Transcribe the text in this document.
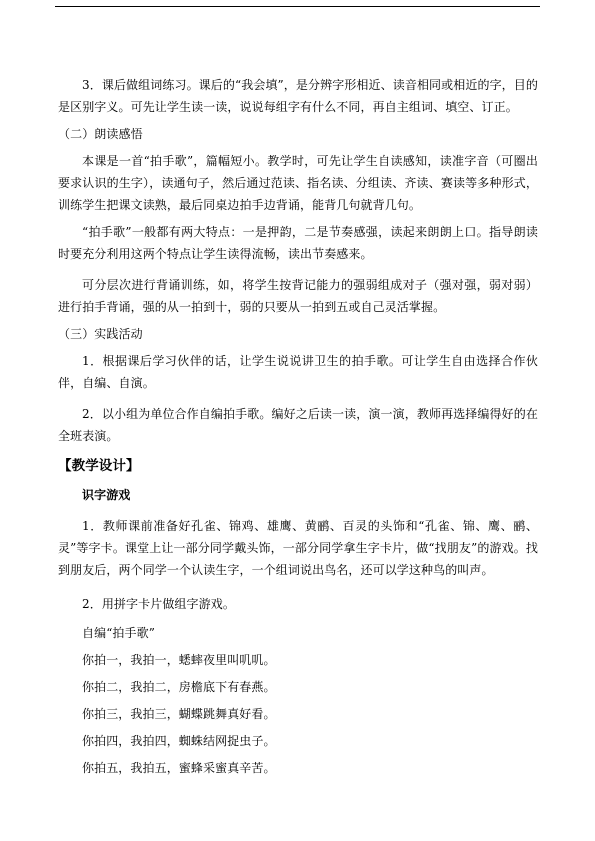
3．课后做组词练习。课后的“我会填”，是分辨字形相近、读音相同或相近的字，目的是区别字义。可先让学生读一读，说说每组字有什么不同，再自主组词、填空、订正。

（二）朗读感悟

本课是一首“拍手歌”，篇幅短小。教学时，可先让学生自读感知，读准字音（可圈出要求认识的生字），读通句子，然后通过范读、指名读、分组读、齐读、赛读等多种形式，训练学生把课文读熟，最后同桌边拍手边背诵，能背几句就背几句。

“拍手歌”一般都有两大特点：一是押韵，二是节奏感强，读起来朗朗上口。指导朗读时要充分利用这两个特点让学生读得流畅，读出节奏感来。

可分层次进行背诵训练，如，将学生按背记能力的强弱组成对子（强对强，弱对弱）进行拍手背诵，强的从一拍到十，弱的只要从一拍到五或自己灵活掌握。

（三）实践活动

1．根据课后学习伙伴的话，让学生说说讲卫生的拍手歌。可让学生自由选择合作伙伴，自编、自演。

2．以小组为单位合作自编拍手歌。编好之后读一读，演一演，教师再选择编得好的在全班表演。

【教学设计】

识字游戏

1．教师课前准备好孔雀、锦鸡、雄鹰、黄鹂、百灵的头饰和“孔雀、锦、鹰、鹂、灵”等字卡。课堂上让一部分同学戴头饰，一部分同学拿生字卡片，做“找朋友”的游戏。找到朋友后，两个同学一个认读生字，一个组词说出鸟名，还可以学这种鸟的叫声。

2．用拼字卡片做组字游戏。

自编“拍手歌”

你拍一，我拍一，蟋蟀夜里叫叽叽。

你拍二，我拍二，房檐底下有春燕。

你拍三，我拍三，蝴蝶跳舞真好看。

你拍四，我拍四，蜘蛛结网捉虫子。

你拍五，我拍五，蜜蜂采蜜真辛苦。
